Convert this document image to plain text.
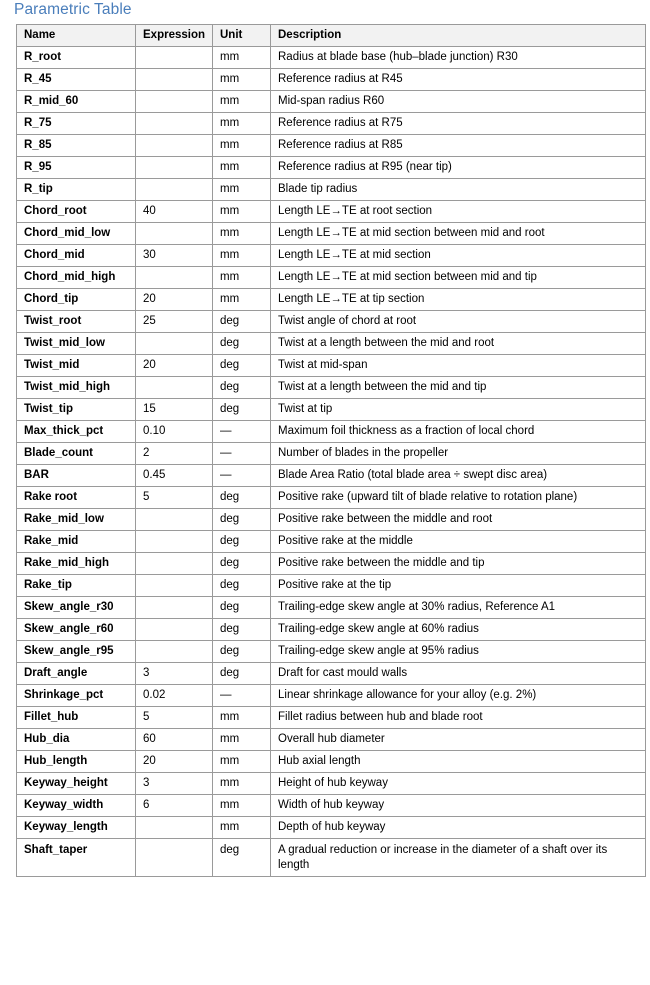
Parametric Table
Name	Expression	Unit	Description
R_root		mm	Radius at blade base (hub–blade junction) R30
R_45		mm	Reference radius at R45
R_mid_60		mm	Mid-span radius R60
R_75		mm	Reference radius at R75
R_85		mm	Reference radius at R85
R_95		mm	Reference radius at R95 (near tip)
R_tip		mm	Blade tip radius
Chord_root	40	mm	Length LE→TE at root section
Chord_mid_low		mm	Length LE→TE at mid section between mid and root
Chord_mid	30	mm	Length LE→TE at mid section
Chord_mid_high		mm	Length LE→TE at mid section between mid and tip
Chord_tip	20	mm	Length LE→TE at tip section
Twist_root	25	deg	Twist angle of chord at root
Twist_mid_low		deg	Twist at a length between the mid and root
Twist_mid	20	deg	Twist at mid-span
Twist_mid_high		deg	Twist at a length between the mid and tip
Twist_tip	15	deg	Twist at tip
Max_thick_pct	0.10	—	Maximum foil thickness as a fraction of local chord
Blade_count	2	—	Number of blades in the propeller
BAR	0.45	—	Blade Area Ratio (total blade area ÷ swept disc area)
Rake root	5	deg	Positive rake (upward tilt of blade relative to rotation plane)
Rake_mid_low		deg	Positive rake between the middle and root
Rake_mid		deg	Positive rake at the middle
Rake_mid_high		deg	Positive rake between the middle and tip
Rake_tip		deg	Positive rake at the tip
Skew_angle_r30		deg	Trailing-edge skew angle at 30% radius, Reference A1
Skew_angle_r60		deg	Trailing-edge skew angle at 60% radius
Skew_angle_r95		deg	Trailing-edge skew angle at 95% radius
Draft_angle	3	deg	Draft for cast mould walls
Shrinkage_pct	0.02	—	Linear shrinkage allowance for your alloy (e.g. 2%)
Fillet_hub	5	mm	Fillet radius between hub and blade root
Hub_dia	60	mm	Overall hub diameter
Hub_length	20	mm	Hub axial length
Keyway_height	3	mm	Height of hub keyway
Keyway_width	6	mm	Width of hub keyway
Keyway_length		mm	Depth of hub keyway
Shaft_taper		deg	A gradual reduction or increase in the diameter of a shaft over its length
